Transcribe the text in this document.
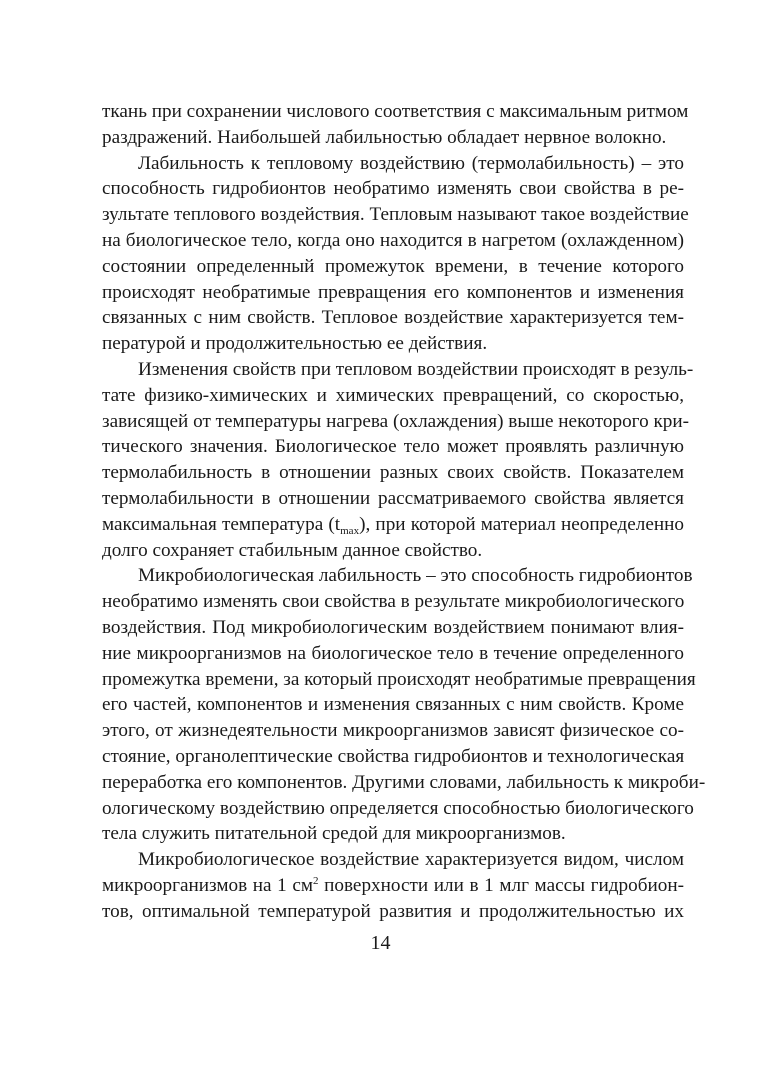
ткань при сохранении числового соответствия с максимальным ритмом
раздражений. Наибольшей лабильностью обладает нервное волокно.
Лабильность к тепловому воздействию (термолабильность) – это
способность гидробионтов необратимо изменять свои свойства в ре-
зультате теплового воздействия. Тепловым называют такое воздействие
на биологическое тело, когда оно находится в нагретом (охлажденном)
состоянии определенный промежуток времени, в течение которого
происходят необратимые превращения его компонентов и изменения
связанных с ним свойств. Тепловое воздействие характеризуется тем-
пературой и продолжительностью ее действия.
Изменения свойств при тепловом воздействии происходят в резуль-
тате физико-химических и химических превращений, со скоростью,
зависящей от температуры нагрева (охлаждения) выше некоторого кри-
тического значения. Биологическое тело может проявлять различную
термолабильность в отношении разных своих свойств. Показателем
термолабильности в отношении рассматриваемого свойства является
максимальная температура $(t_{max})$, при которой материал неопределенно
долго сохраняет стабильным данное свойство.
Микробиологическая лабильность – это способность гидробионтов
необратимо изменять свои свойства в результате микробиологического
воздействия. Под микробиологическим воздействием понимают влия-
ние микроорганизмов на биологическое тело в течение определенного
промежутка времени, за который происходят необратимые превращения
его частей, компонентов и изменения связанных с ним свойств. Кроме
этого, от жизнедеятельности микроорганизмов зависят физическое со-
стояние, органолептические свойства гидробионтов и технологическая
переработка его компонентов. Другими словами, лабильность к микроби-
ологическому воздействию определяется способностью биологического
тела служить питательной средой для микроорганизмов.
Микробиологическое воздействие характеризуется видом, числом
микроорганизмов на 1 $см^2$ поверхности или в 1 млг массы гидробион-
тов, оптимальной температурой развития и продолжительностью их
14
